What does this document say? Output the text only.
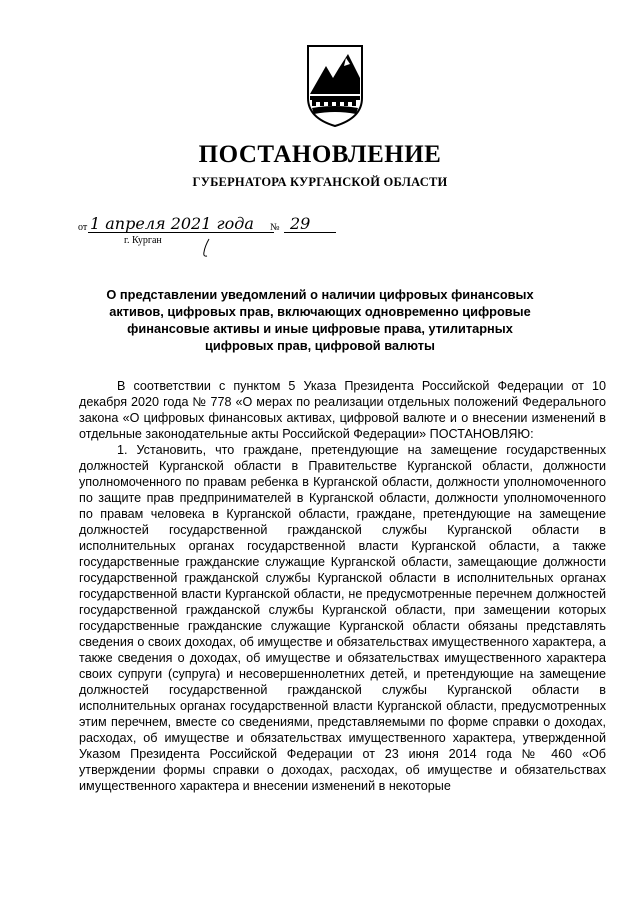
ПОСТАНОВЛЕНИЕ
ГУБЕРНАТОРА КУРГАНСКОЙ ОБЛАСТИ
от 1 апреля 2021 года № 29
г. Курган
О представлении уведомлений о наличии цифровых финансовых активов, цифровых прав, включающих одновременно цифровые финансовые активы и иные цифровые права, утилитарных цифровых прав, цифровой валюты

В соответствии с пунктом 5 Указа Президента Российской Федерации от 10 декабря 2020 года № 778 «О мерах по реализации отдельных положений Федерального закона «О цифровых финансовых активах, цифровой валюте и о внесении изменений в отдельные законодательные акты Российской Федерации» ПОСТАНОВЛЯЮ:

1. Установить, что граждане, претендующие на замещение государственных должностей Курганской области в Правительстве Курганской области, должности уполномоченного по правам ребенка в Курганской области, должности уполномоченного по защите прав предпринимателей в Курганской области, должности уполномоченного по правам человека в Курганской области, граждане, претендующие на замещение должностей государственной гражданской службы Курганской области в исполнительных органах государственной власти Курганской области, а также государственные гражданские служащие Курганской области, замещающие должности государственной гражданской службы Курганской области в исполнительных органах государственной власти Курганской области, не предусмотренные перечнем должностей государственной гражданской службы Курганской области, при замещении которых государственные гражданские служащие Курганской области обязаны представлять сведения о своих доходах, об имуществе и обязательствах имущественного характера, а также сведения о доходах, об имуществе и обязательствах имущественного характера своих супруги (супруга) и несовершеннолетних детей, и претендующие на замещение должностей государственной гражданской службы Курганской области в исполнительных органах государственной власти Курганской области, предусмотренных этим перечнем, вместе со сведениями, представляемыми по форме справки о доходах, расходах, об имуществе и обязательствах имущественного характера, утвержденной Указом Президента Российской Федерации от 23 июня 2014 года № 460 «Об утверждении формы справки о доходах, расходах, об имуществе и обязательствах имущественного характера и внесении изменений в некоторые
